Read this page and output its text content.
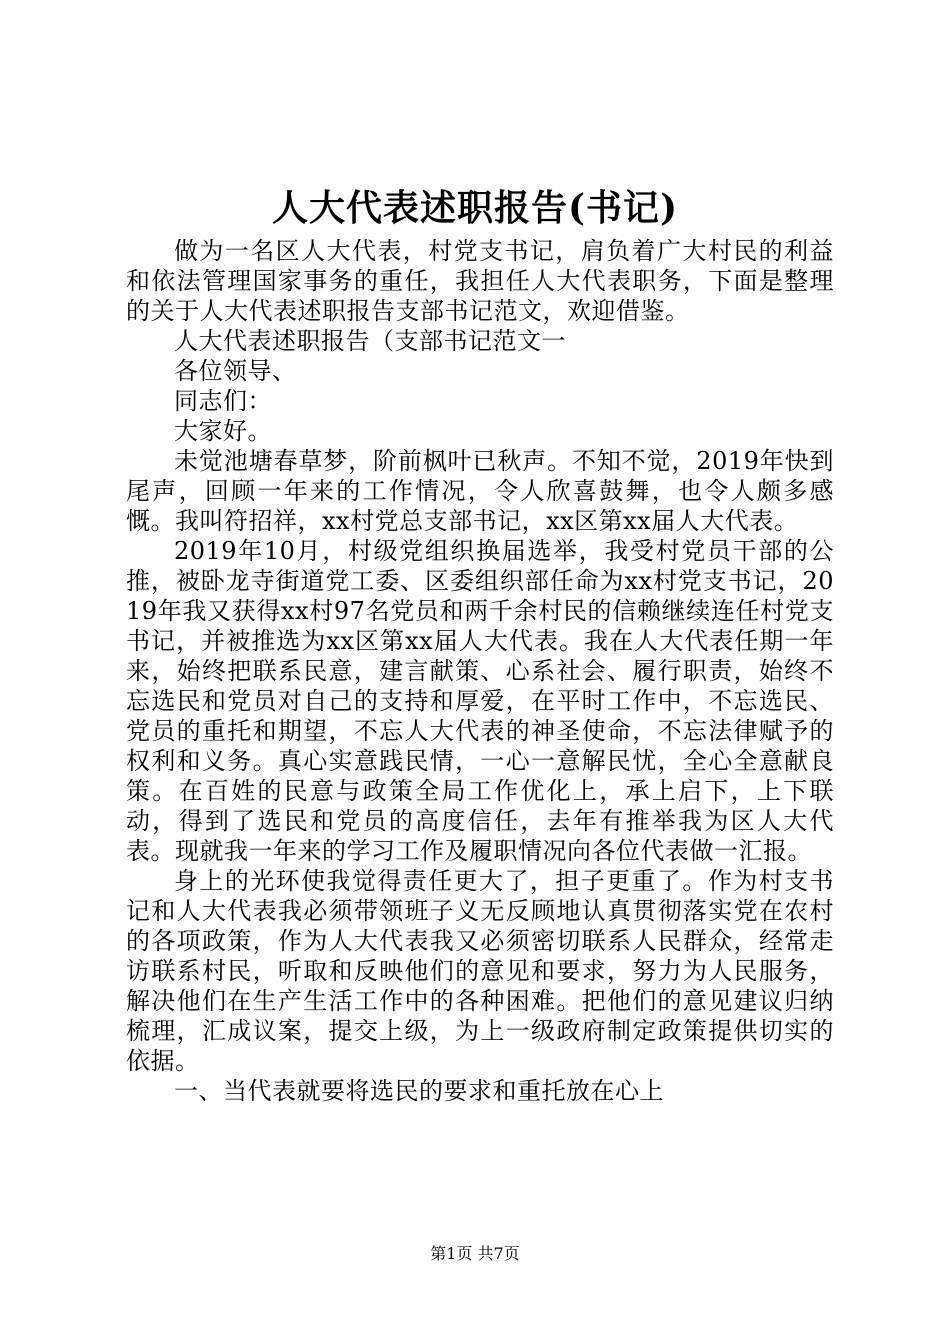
人大代表述职报告(书记)

做为一名区人大代表，村党支书记，肩负着广大村民的利益和依法管理国家事务的重任，我担任人大代表职务，下面是整理的关于人大代表述职报告支部书记范文，欢迎借鉴。

人大代表述职报告（支部书记范文一

各位领导、

同志们：

大家好。

未觉池塘春草梦，阶前枫叶已秋声。不知不觉，2019年快到尾声，回顾一年来的工作情况，令人欣喜鼓舞，也令人颇多感慨。我叫符招祥，xx村党总支部书记，xx区第xx届人大代表。

2019年10月，村级党组织换届选举，我受村党员干部的公推，被卧龙寺街道党工委、区委组织部任命为xx村党支书记，2019年我又获得xx村97名党员和两千余村民的信赖继续连任村党支书记，并被推选为xx区第xx届人大代表。我在人大代表任期一年来，始终把联系民意，建言献策、心系社会、履行职责，始终不忘选民和党员对自己的支持和厚爱，在平时工作中，不忘选民、党员的重托和期望，不忘人大代表的神圣使命，不忘法律赋予的权利和义务。真心实意践民情，一心一意解民忧，全心全意献良策。在百姓的民意与政策全局工作优化上，承上启下，上下联动，得到了选民和党员的高度信任，去年有推举我为区人大代表。现就我一年来的学习工作及履职情况向各位代表做一汇报。

身上的光环使我觉得责任更大了，担子更重了。作为村支书记和人大代表我必须带领班子义无反顾地认真贯彻落实党在农村的各项政策，作为人大代表我又必须密切联系人民群众，经常走访联系村民，听取和反映他们的意见和要求，努力为人民服务，解决他们在生产生活工作中的各种困难。把他们的意见建议归纳梳理，汇成议案，提交上级，为上一级政府制定政策提供切实的依据。

一、当代表就要将选民的要求和重托放在心上

第1页 共7页
